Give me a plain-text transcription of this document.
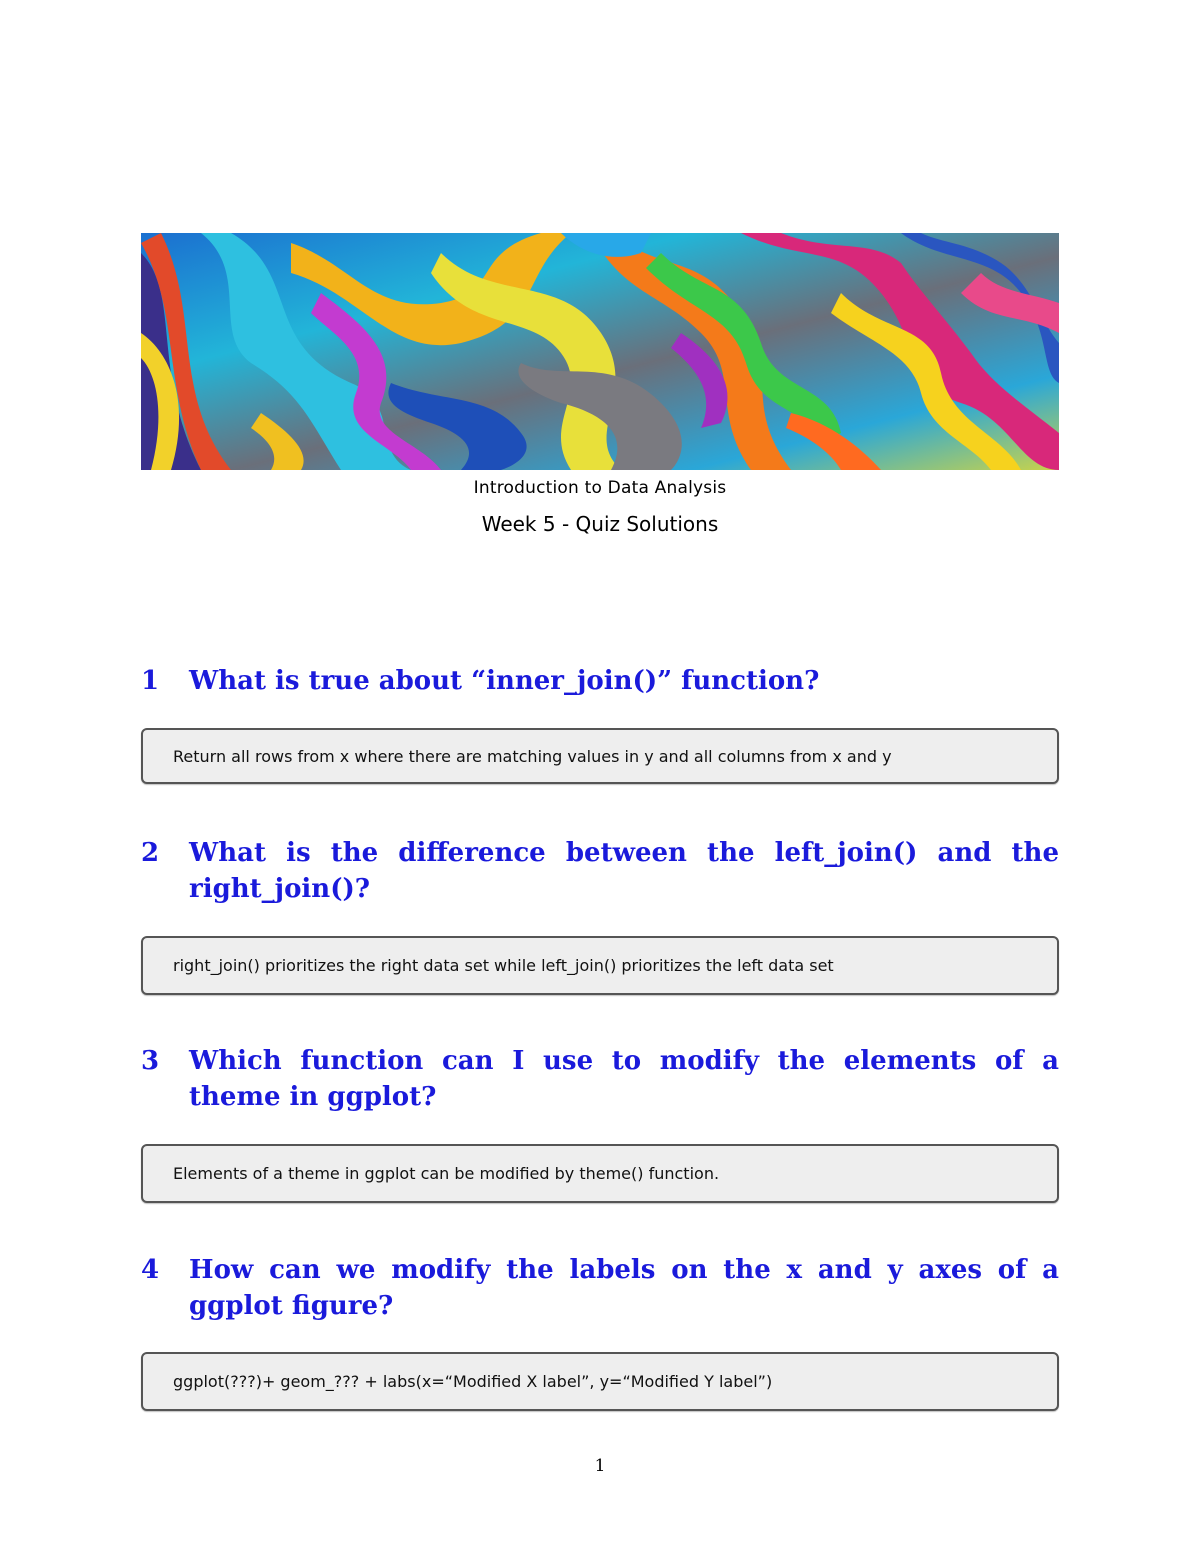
Introduction to Data Analysis
Week 5 - Quiz Solutions
1	What is true about “inner_join()” function?
Return all rows from x where there are matching values in y and all columns from x and y
2	What is the difference between the left_join() and the right_join()?
right_join() prioritizes the right data set while left_join() prioritizes the left data set
3	Which function can I use to modify the elements of a theme in ggplot?
Elements of a theme in ggplot can be modified by theme() function.
4	How can we modify the labels on the x and y axes of a ggplot figure?
ggplot(???)+ geom_??? + labs(x=“Modified X label”, y=“Modified Y label”)
1
